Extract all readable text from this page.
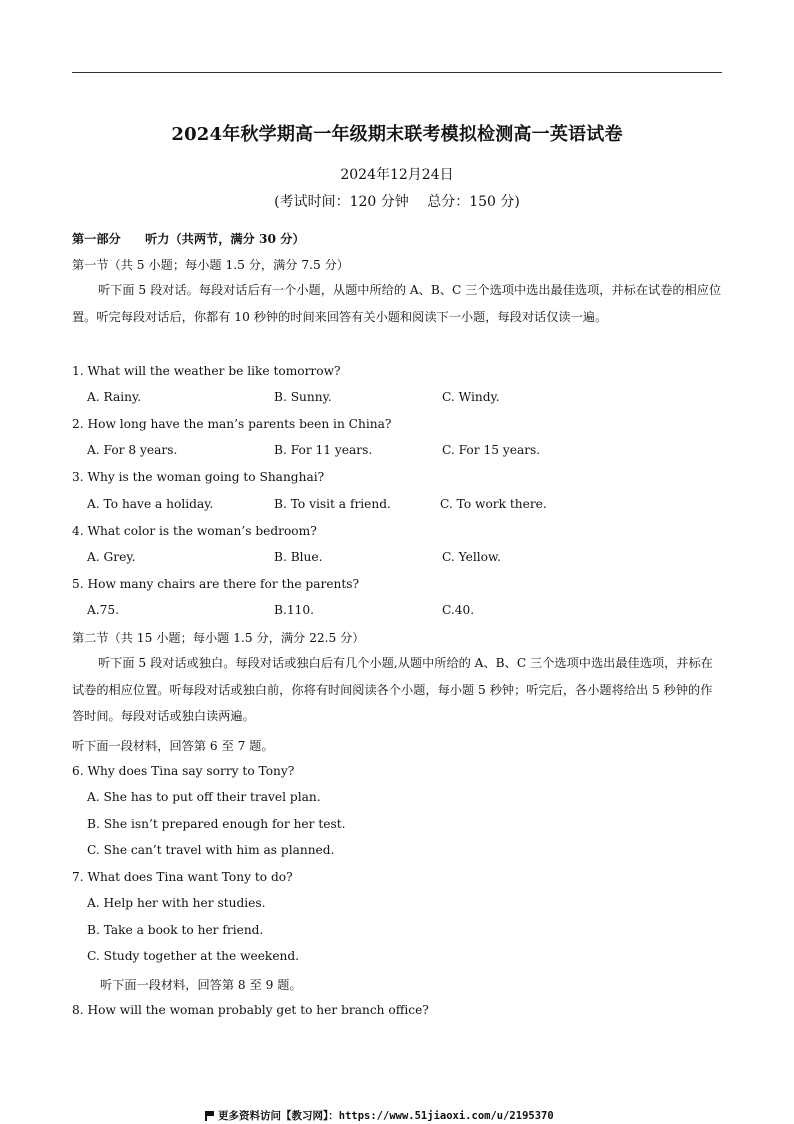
2024年秋学期高一年级期末联考模拟检测高一英语试卷
2024年12月24日
(考试时间：120 分钟　 总分：150 分)
第一部分　　听力（共两节，满分 30 分）
第一节（共 5 小题；每小题 1.5 分，满分 7.5 分）
听下面 5 段对话。每段对话后有一个小题，从题中所给的 A、B、C 三个选项中选出最佳选项，并标在试卷的相应位置。听完每段对话后，你都有 10 秒钟的时间来回答有关小题和阅读下一小题，每段对话仅读一遍。
1. What will the weather be like tomorrow?
A. Rainy.	B. Sunny.	C. Windy.
2. How long have the man’s parents been in China?
A. For 8 years.	B. For 11 years.	C. For 15 years.
3. Why is the woman going to Shanghai?
A. To have a holiday.	B. To visit a friend.	C. To work there.
4. What color is the woman’s bedroom?
A. Grey.	B. Blue.	C. Yellow.
5. How many chairs are there for the parents?
A.75.	B.110.	C.40.
第二节（共 15 小题；每小题 1.5 分，满分 22.5 分）
听下面 5 段对话或独白。每段对话或独白后有几个小题,从题中所给的 A、B、C 三个选项中选出最佳选项，并标在试卷的相应位置。听每段对话或独白前，你将有时间阅读各个小题，每小题 5 秒钟；听完后，各小题将给出 5 秒钟的作答时间。每段对话或独白读两遍。
听下面一段材料，回答第 6 至 7 题。
6. Why does Tina say sorry to Tony?
A. She has to put off their travel plan.
B. She isn’t prepared enough for her test.
C. She can’t travel with him as planned.
7. What does Tina want Tony to do?
A. Help her with her studies.
B. Take a book to her friend.
C. Study together at the weekend.
听下面一段材料，回答第 8 至 9 题。
8. How will the woman probably get to her branch office?
更多资料访问【教习网】：https://www.51jiaoxi.com/u/2195370
